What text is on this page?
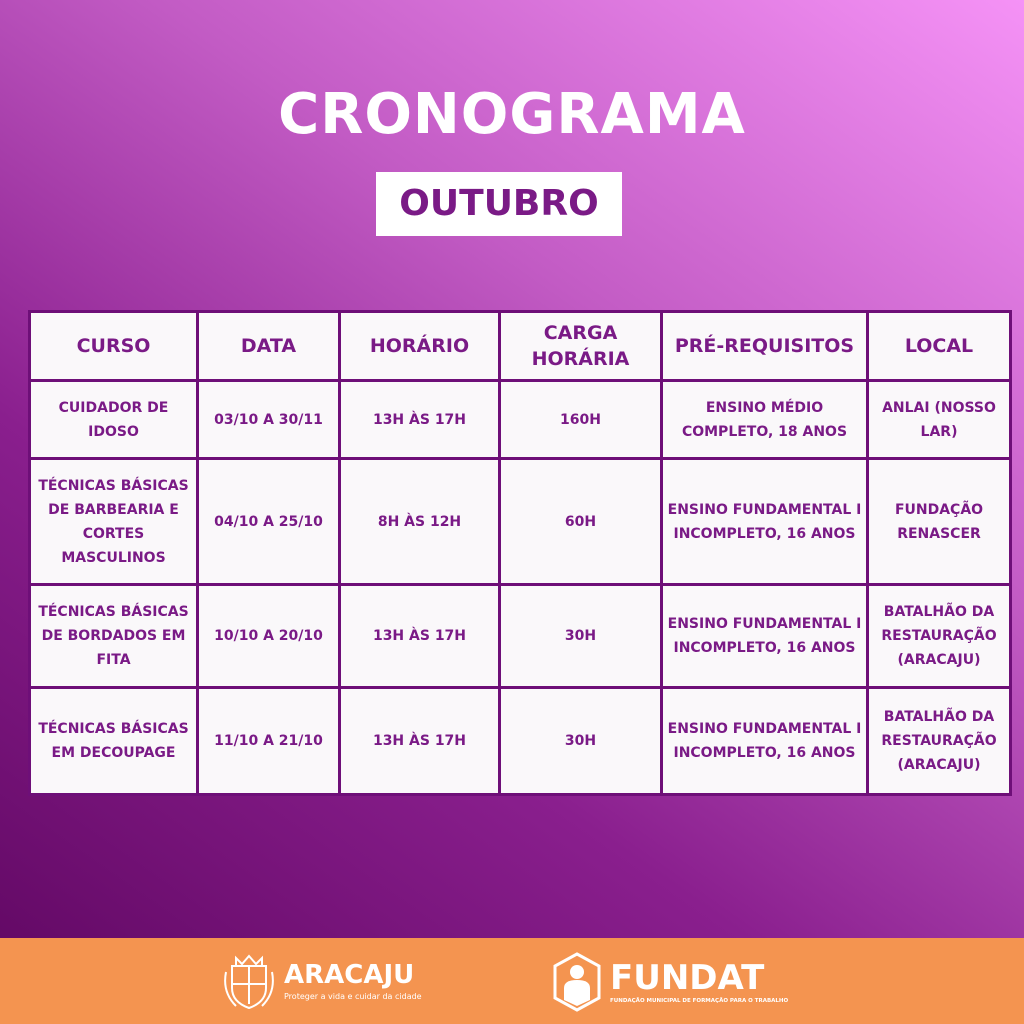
CRONOGRAMA
OUTUBRO
CURSO	DATA	HORÁRIO	CARGA HORÁRIA	PRÉ-REQUISITOS	LOCAL
CUIDADOR DE IDOSO	03/10 A 30/11	13H ÀS 17H	160H	ENSINO MÉDIO COMPLETO, 18 ANOS	ANLAI (NOSSO LAR)
TÉCNICAS BÁSICAS DE BARBEARIA E CORTES MASCULINOS	04/10 A 25/10	8H ÀS 12H	60H	ENSINO FUNDAMENTAL I INCOMPLETO, 16 ANOS	FUNDAÇÃO RENASCER
TÉCNICAS BÁSICAS DE BORDADOS EM FITA	10/10 A 20/10	13H ÀS 17H	30H	ENSINO FUNDAMENTAL I INCOMPLETO, 16 ANOS	BATALHÃO DA RESTAURAÇÃO (ARACAJU)
TÉCNICAS BÁSICAS EM DECOUPAGE	11/10 A 21/10	13H ÀS 17H	30H	ENSINO FUNDAMENTAL I INCOMPLETO, 16 ANOS	BATALHÃO DA RESTAURAÇÃO (ARACAJU)
ARACAJU
Proteger a vida e cuidar da cidade	FUNDAT
FUNDAÇÃO MUNICIPAL DE FORMAÇÃO PARA O TRABALHO
